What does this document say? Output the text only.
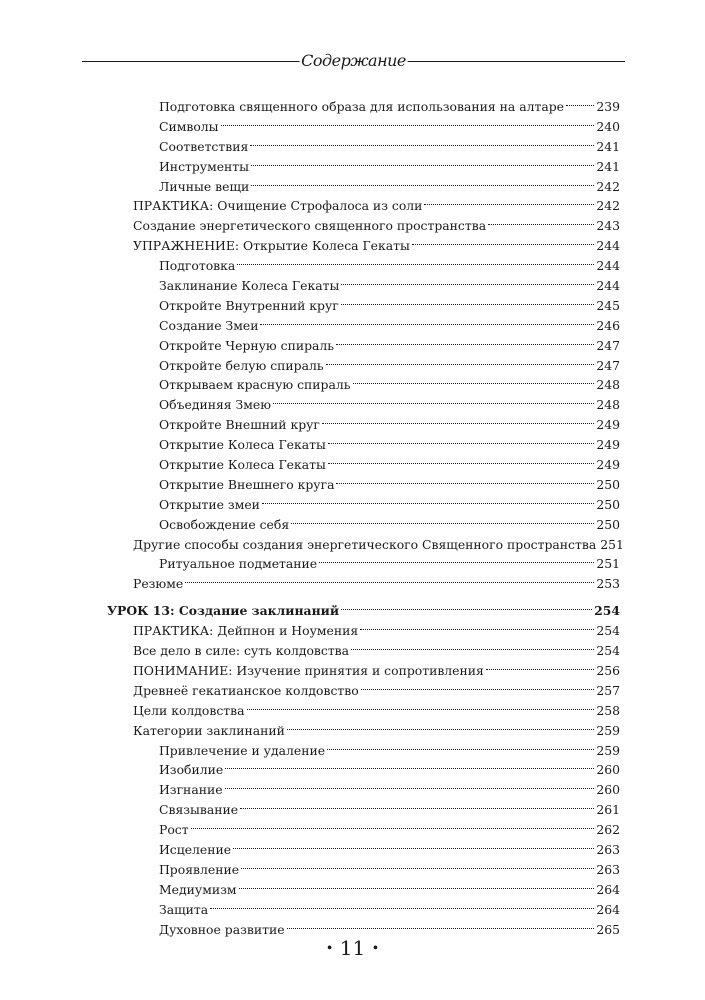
Содержание
Подготовка священного образа для использования на алтаре	239
Символы	240
Соответствия	241
Инструменты	241
Личные вещи	242
ПРАКТИКА: Очищение Строфалоса из соли	242
Создание энергетического священного пространства	243
УПРАЖНЕНИЕ: Открытие Колеса Гекаты	244
Подготовка	244
Заклинание Колеса Гекаты	244
Откройте Внутренний круг	245
Создание Змеи	246
Откройте Черную спираль	247
Откройте белую спираль	247
Открываем красную спираль	248
Объединяя Змею	248
Откройте Внешний круг	249
Открытие Колеса Гекаты	249
Открытие Колеса Гекаты	249
Открытие Внешнего круга	250
Открытие змеи	250
Освобождение себя	250
Другие способы создания энергетического Священного пространства 251
Ритуальное подметание	251
Резюме	253
УРОК 13: Создание заклинаний	254
ПРАКТИКА: Дейпнон и Ноумения	254
Все дело в силе: суть колдовства	254
ПОНИМАНИЕ: Изучение принятия и сопротивления	256
Древнеё гекатианское колдовство	257
Цели колдовства	258
Категории заклинаний	259
Привлечение и удаление	259
Изобилие	260
Изгнание	260
Связывание	261
Рост	262
Исцеление	263
Проявление	263
Медиумизм	264
Защита	264
Духовное развитие	265
• 11 •
